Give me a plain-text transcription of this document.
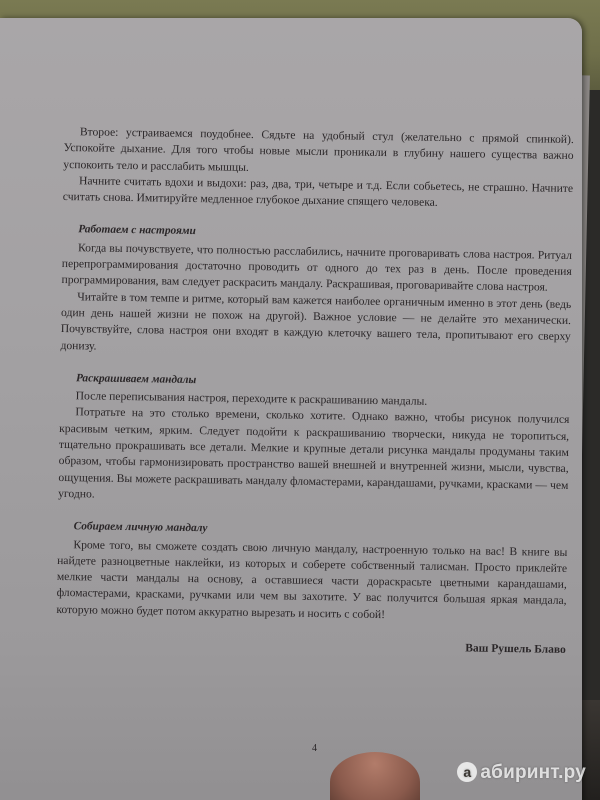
Второе: устраиваемся поудобнее. Сядьте на удобный стул (желательно с прямой спинкой). Успокойте дыхание. Для того чтобы новые мысли проникали в глубину нашего существа важно успокоить тело и расслабить мышцы.

Начните считать вдохи и выдохи: раз, два, три, четыре и т.д. Если собьетесь, не страшно. Начните считать снова. Имитируйте медленное глубокое дыхание спящего человека.

Работаем с настроями

Когда вы почувствуете, что полностью расслабились, начните проговаривать слова настроя. Ритуал перепрограммирования достаточно проводить от одного до тех раз в день. После проведения программирования, вам следует раскрасить мандалу. Раскрашивая, проговаривайте слова настроя.

Читайте в том темпе и ритме, который вам кажется наиболее органичным именно в этот день (ведь один день нашей жизни не похож на другой). Важное условие — не делайте это механически. Почувствуйте, слова настроя они входят в каждую клеточку вашего тела, пропитывают его сверху донизу.

Раскрашиваем мандалы

После переписывания настроя, переходите к раскрашиванию мандалы.

Потратьте на это столько времени, сколько хотите. Однако важно, чтобы рисунок получился красивым четким, ярким. Следует подойти к раскрашиванию творчески, никуда не торопиться, тщательно прокрашивать все детали. Мелкие и крупные детали рисунка мандалы продуманы таким образом, чтобы гармонизировать пространство вашей внешней и внутренней жизни, мысли, чувства, ощущения. Вы можете раскрашивать мандалу фломастерами, карандашами, ручками, красками — чем угодно.

Собираем личную мандалу

Кроме того, вы сможете создать свою личную мандалу, настроенную только на вас! В книге вы найдете разноцветные наклейки, из которых и соберете собственный талисман. Просто приклейте мелкие части мандалы на основу, а оставшиеся части дораскрасьте цветными карандашами, фломастерами, красками, ручками или чем вы захотите. У вас получится большая яркая мандала, которую можно будет потом аккуратно вырезать и носить с собой!

Ваш Рушель Блаво

4
a абиринт.ру
